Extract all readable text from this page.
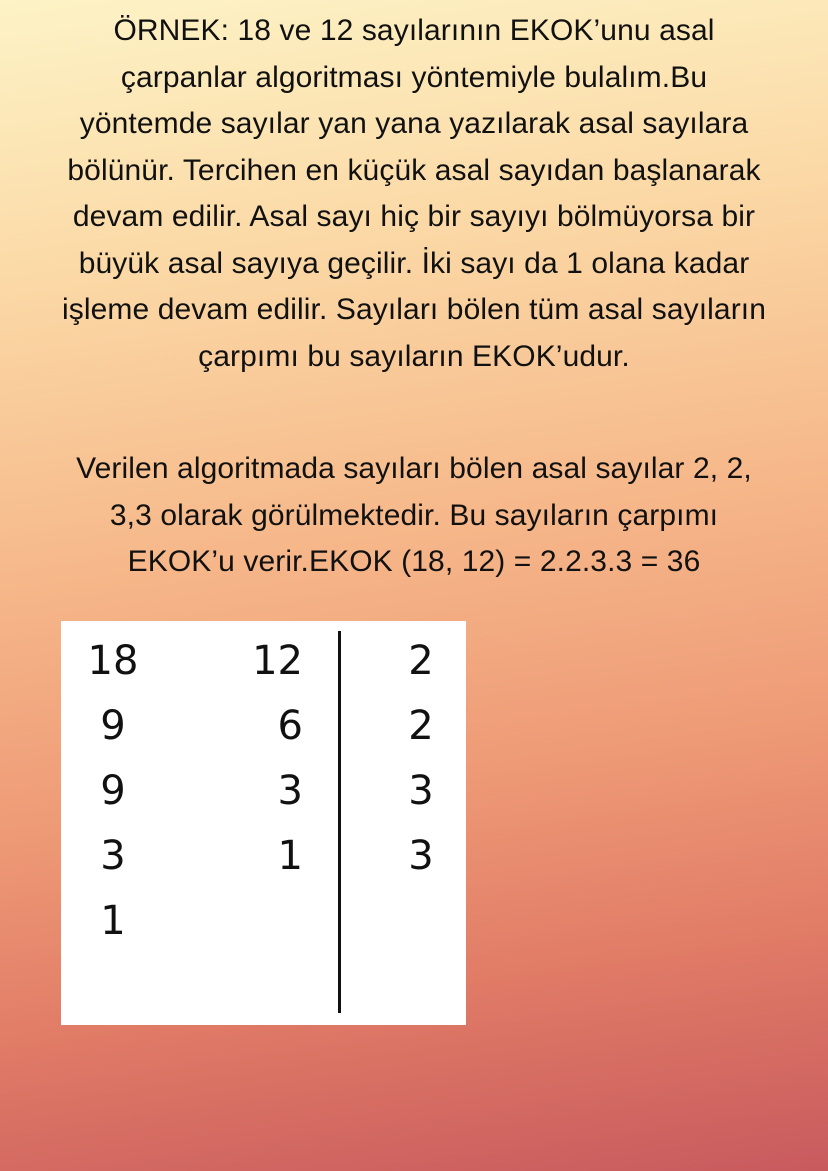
ÖRNEK: 18 ve 12 sayılarının EKOK’unu asal
çarpanlar algoritması yöntemiyle bulalım.Bu
yöntemde sayılar yan yana yazılarak asal sayılara
bölünür. Tercihen en küçük asal sayıdan başlanarak
devam edilir. Asal sayı hiç bir sayıyı bölmüyorsa bir
büyük asal sayıya geçilir. İki sayı da 1 olana kadar
işleme devam edilir. Sayıları bölen tüm asal sayıların
çarpımı bu sayıların EKOK’udur.
Verilen algoritmada sayıları bölen asal sayılar 2, 2,
3,3 olarak görülmektedir. Bu sayıların çarpımı
EKOK’u verir.EKOK (18, 12) = 2.2.3.3 = 36
18
9
9
3
1
12
6
3
1
2
2
3
3
